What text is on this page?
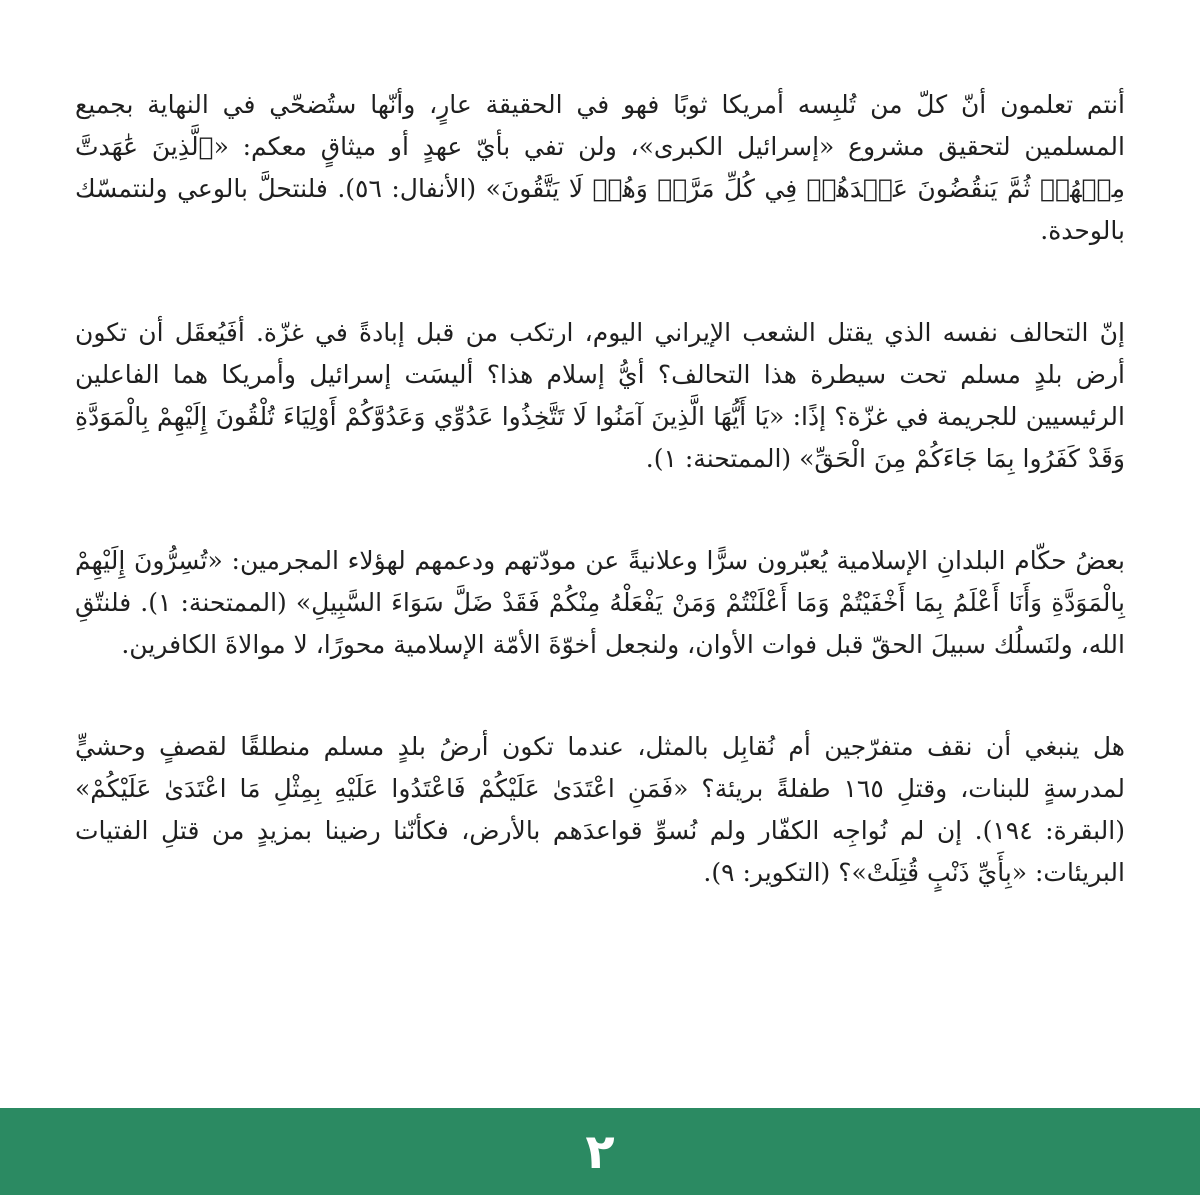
أنتم تعلمون أنّ كلّ من تُلبِسه أمريكا ثوبًا فهو في الحقيقة عارٍ، وأنّها ستُضحّي في النهاية بجميع المسلمين لتحقيق مشروع «إسرائيل الكبرى»، ولن تفي بأيّ عهدٍ أو ميثاقٍ معكم: «ٱلَّذِينَ عَٰهَدتَّ مِنۡهُمۡ ثُمَّ يَنقُضُونَ عَهۡدَهُمۡ فِي كُلِّ مَرَّةٖ وَهُمۡ لَا يَتَّقُونَ» (الأنفال: ٥٦). فلنتحلَّ بالوعي ولنتمسّك بالوحدة.

إنّ التحالف نفسه الذي يقتل الشعب الإيراني اليوم، ارتكب من قبل إبادةً في غزّة. أفَيُعقَل أن تكون أرض بلدٍ مسلم تحت سيطرة هذا التحالف؟ أيُّ إسلام هذا؟ أليسَت إسرائيل وأمريكا هما الفاعلين الرئيسيين للجريمة في غزّة؟ إذًا: «يَا أَيُّهَا الَّذِينَ آمَنُوا لَا تَتَّخِذُوا عَدُوِّي وَعَدُوَّكُمْ أَوْلِيَاءَ تُلْقُونَ إِلَيْهِمْ بِالْمَوَدَّةِ وَقَدْ كَفَرُوا بِمَا جَاءَكُمْ مِنَ الْحَقِّ» (الممتحنة: ١).

بعضُ حكّام البلدانِ الإسلامية يُعبّرون سرًّا وعلانيةً عن مودّتهم ودعمهم لهؤلاء المجرمين: «تُسِرُّونَ إِلَيْهِمْ بِالْمَوَدَّةِ وَأَنَا أَعْلَمُ بِمَا أَخْفَيْتُمْ وَمَا أَعْلَنْتُمْ وَمَنْ يَفْعَلْهُ مِنْكُمْ فَقَدْ ضَلَّ سَوَاءَ السَّبِيلِ» (الممتحنة: ١). فلنتّقِ الله، ولنَسلُك سبيلَ الحقّ قبل فوات الأوان، ولنجعل أخوّةَ الأمّة الإسلامية محورًا، لا موالاةَ الكافرين.

هل ينبغي أن نقف متفرّجين أم نُقابِل بالمثل، عندما تكون أرضُ بلدٍ مسلم منطلقًا لقصفٍ وحشيٍّ لمدرسةٍ للبنات، وقتلِ ١٦٥ طفلةً بريئة؟ «فَمَنِ اعْتَدَىٰ عَلَيْكُمْ فَاعْتَدُوا عَلَيْهِ بِمِثْلِ مَا اعْتَدَىٰ عَلَيْكُمْ» (البقرة: ١٩٤). إن لم نُواجِه الكفّار ولم نُسوِّ قواعدَهم بالأرض، فكأنّنا رضينا بمزيدٍ من قتلِ الفتيات البريئات: «بِأَيِّ ذَنْبٍ قُتِلَتْ»؟ (التكوير: ٩).

٢
